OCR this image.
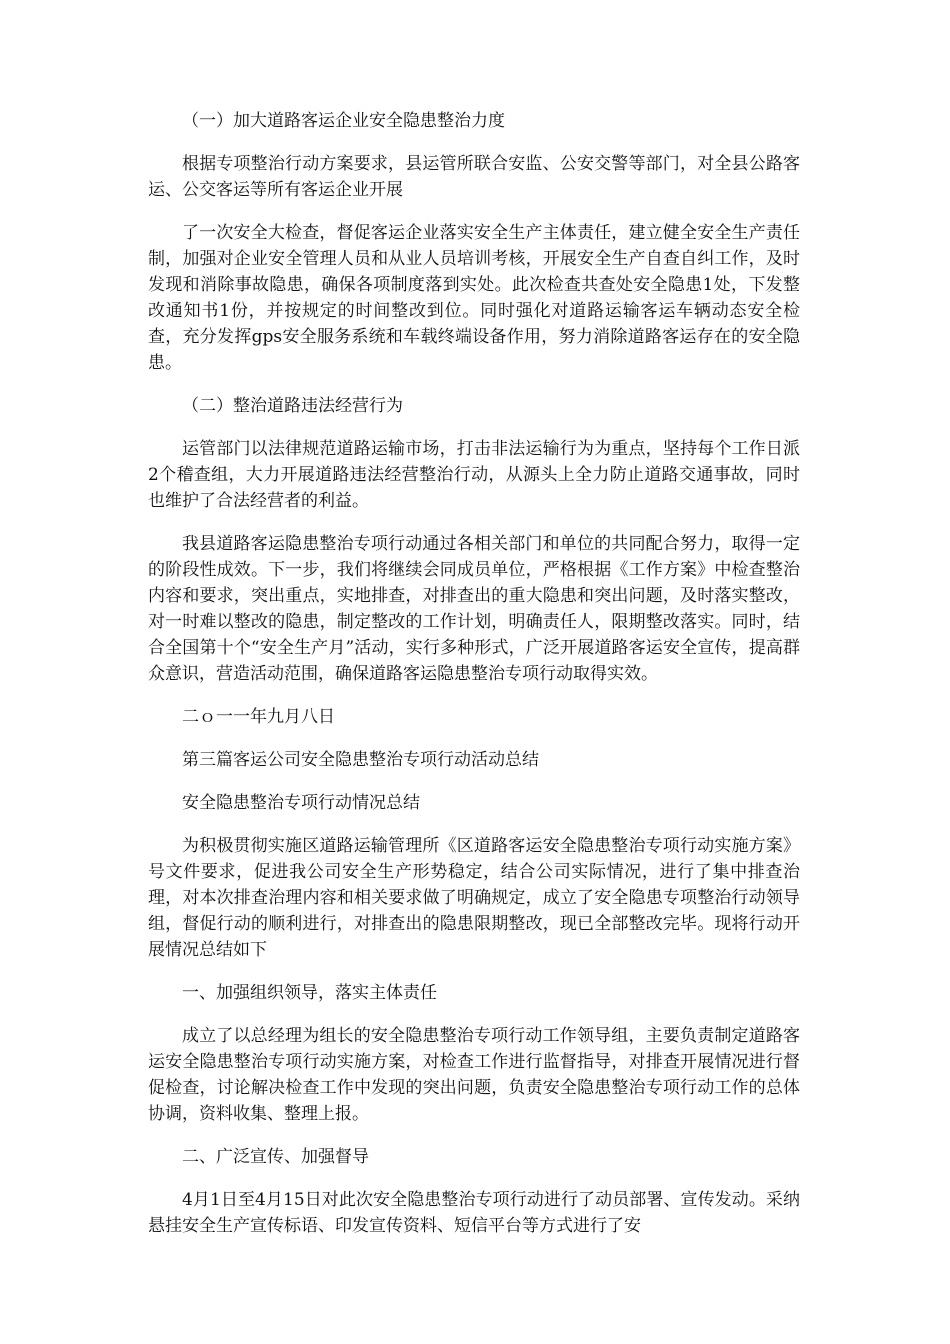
（一）加大道路客运企业安全隐患整治力度

根据专项整治行动方案要求，县运管所联合安监、公安交警等部门，对全县公路客运、公交客运等所有客运企业开展

了一次安全大检查，督促客运企业落实安全生产主体责任，建立健全安全生产责任制，加强对企业安全管理人员和从业人员培训考核，开展安全生产自查自纠工作，及时发现和消除事故隐患，确保各项制度落到实处。此次检查共查处安全隐患1处，下发整改通知书1份，并按规定的时间整改到位。同时强化对道路运输客运车辆动态安全检查，充分发挥gps安全服务系统和车载终端设备作用，努力消除道路客运存在的安全隐患。

（二）整治道路违法经营行为

运管部门以法律规范道路运输市场，打击非法运输行为为重点，坚持每个工作日派2个稽查组，大力开展道路违法经营整治行动，从源头上全力防止道路交通事故，同时也维护了合法经营者的利益。

我县道路客运隐患整治专项行动通过各相关部门和单位的共同配合努力，取得一定的阶段性成效。下一步，我们将继续会同成员单位，严格根据《工作方案》中检查整治内容和要求，突出重点，实地排查，对排查出的重大隐患和突出问题，及时落实整改，对一时难以整改的隐患，制定整改的工作计划，明确责任人，限期整改落实。同时，结合全国第十个“安全生产月”活动，实行多种形式，广泛开展道路客运安全宣传，提高群众意识，营造活动范围，确保道路客运隐患整治专项行动取得实效。

二ｏ一一年九月八日

第三篇客运公司安全隐患整治专项行动活动总结

安全隐患整治专项行动情况总结

为积极贯彻实施区道路运输管理所《区道路客运安全隐患整治专项行动实施方案》号文件要求，促进我公司安全生产形势稳定，结合公司实际情况，进行了集中排查治理，对本次排查治理内容和相关要求做了明确规定，成立了安全隐患专项整治行动领导组，督促行动的顺利进行，对排查出的隐患限期整改，现已全部整改完毕。现将行动开展情况总结如下

一、加强组织领导，落实主体责任

成立了以总经理为组长的安全隐患整治专项行动工作领导组，主要负责制定道路客运安全隐患整治专项行动实施方案，对检查工作进行监督指导，对排查开展情况进行督促检查，讨论解决检查工作中发现的突出问题，负责安全隐患整治专项行动工作的总体协调，资料收集、整理上报。

二、广泛宣传、加强督导

4月1日至4月15日对此次安全隐患整治专项行动进行了动员部署、宣传发动。采纳悬挂安全生产宣传标语、印发宣传资料、短信平台等方式进行了安
